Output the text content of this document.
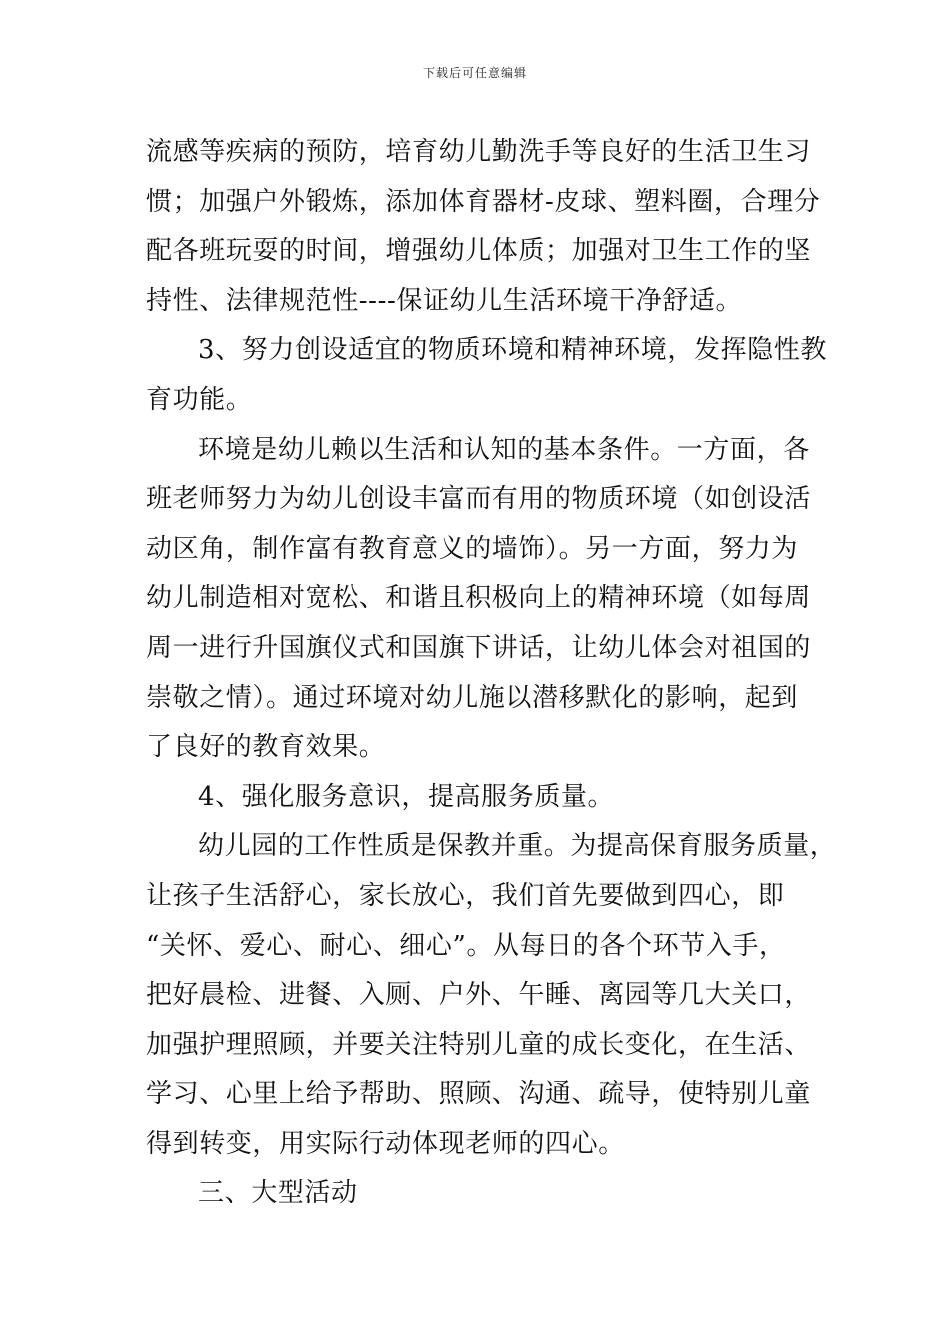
下载后可任意编辑
流感等疾病的预防，培育幼儿勤洗手等良好的生活卫生习
惯；加强户外锻炼，添加体育器材-皮球、塑料圈，合理分
配各班玩耍的时间，增强幼儿体质；加强对卫生工作的坚
持性、法律规范性----保证幼儿生活环境干净舒适。
3、努力创设适宜的物质环境和精神环境，发挥隐性教
育功能。
环境是幼儿赖以生活和认知的基本条件。一方面，各
班老师努力为幼儿创设丰富而有用的物质环境（如创设活
动区角，制作富有教育意义的墙饰）。另一方面，努力为
幼儿制造相对宽松、和谐且积极向上的精神环境（如每周
周一进行升国旗仪式和国旗下讲话，让幼儿体会对祖国的
崇敬之情）。通过环境对幼儿施以潜移默化的影响，起到
了良好的教育效果。
4、强化服务意识，提高服务质量。
幼儿园的工作性质是保教并重。为提高保育服务质量，
让孩子生活舒心，家长放心，我们首先要做到四心，即
“关怀、爱心、耐心、细心”。从每日的各个环节入手，
把好晨检、进餐、入厕、户外、午睡、离园等几大关口，
加强护理照顾，并要关注特别儿童的成长变化，在生活、
学习、心里上给予帮助、照顾、沟通、疏导，使特别儿童
得到转变，用实际行动体现老师的四心。
三、大型活动
